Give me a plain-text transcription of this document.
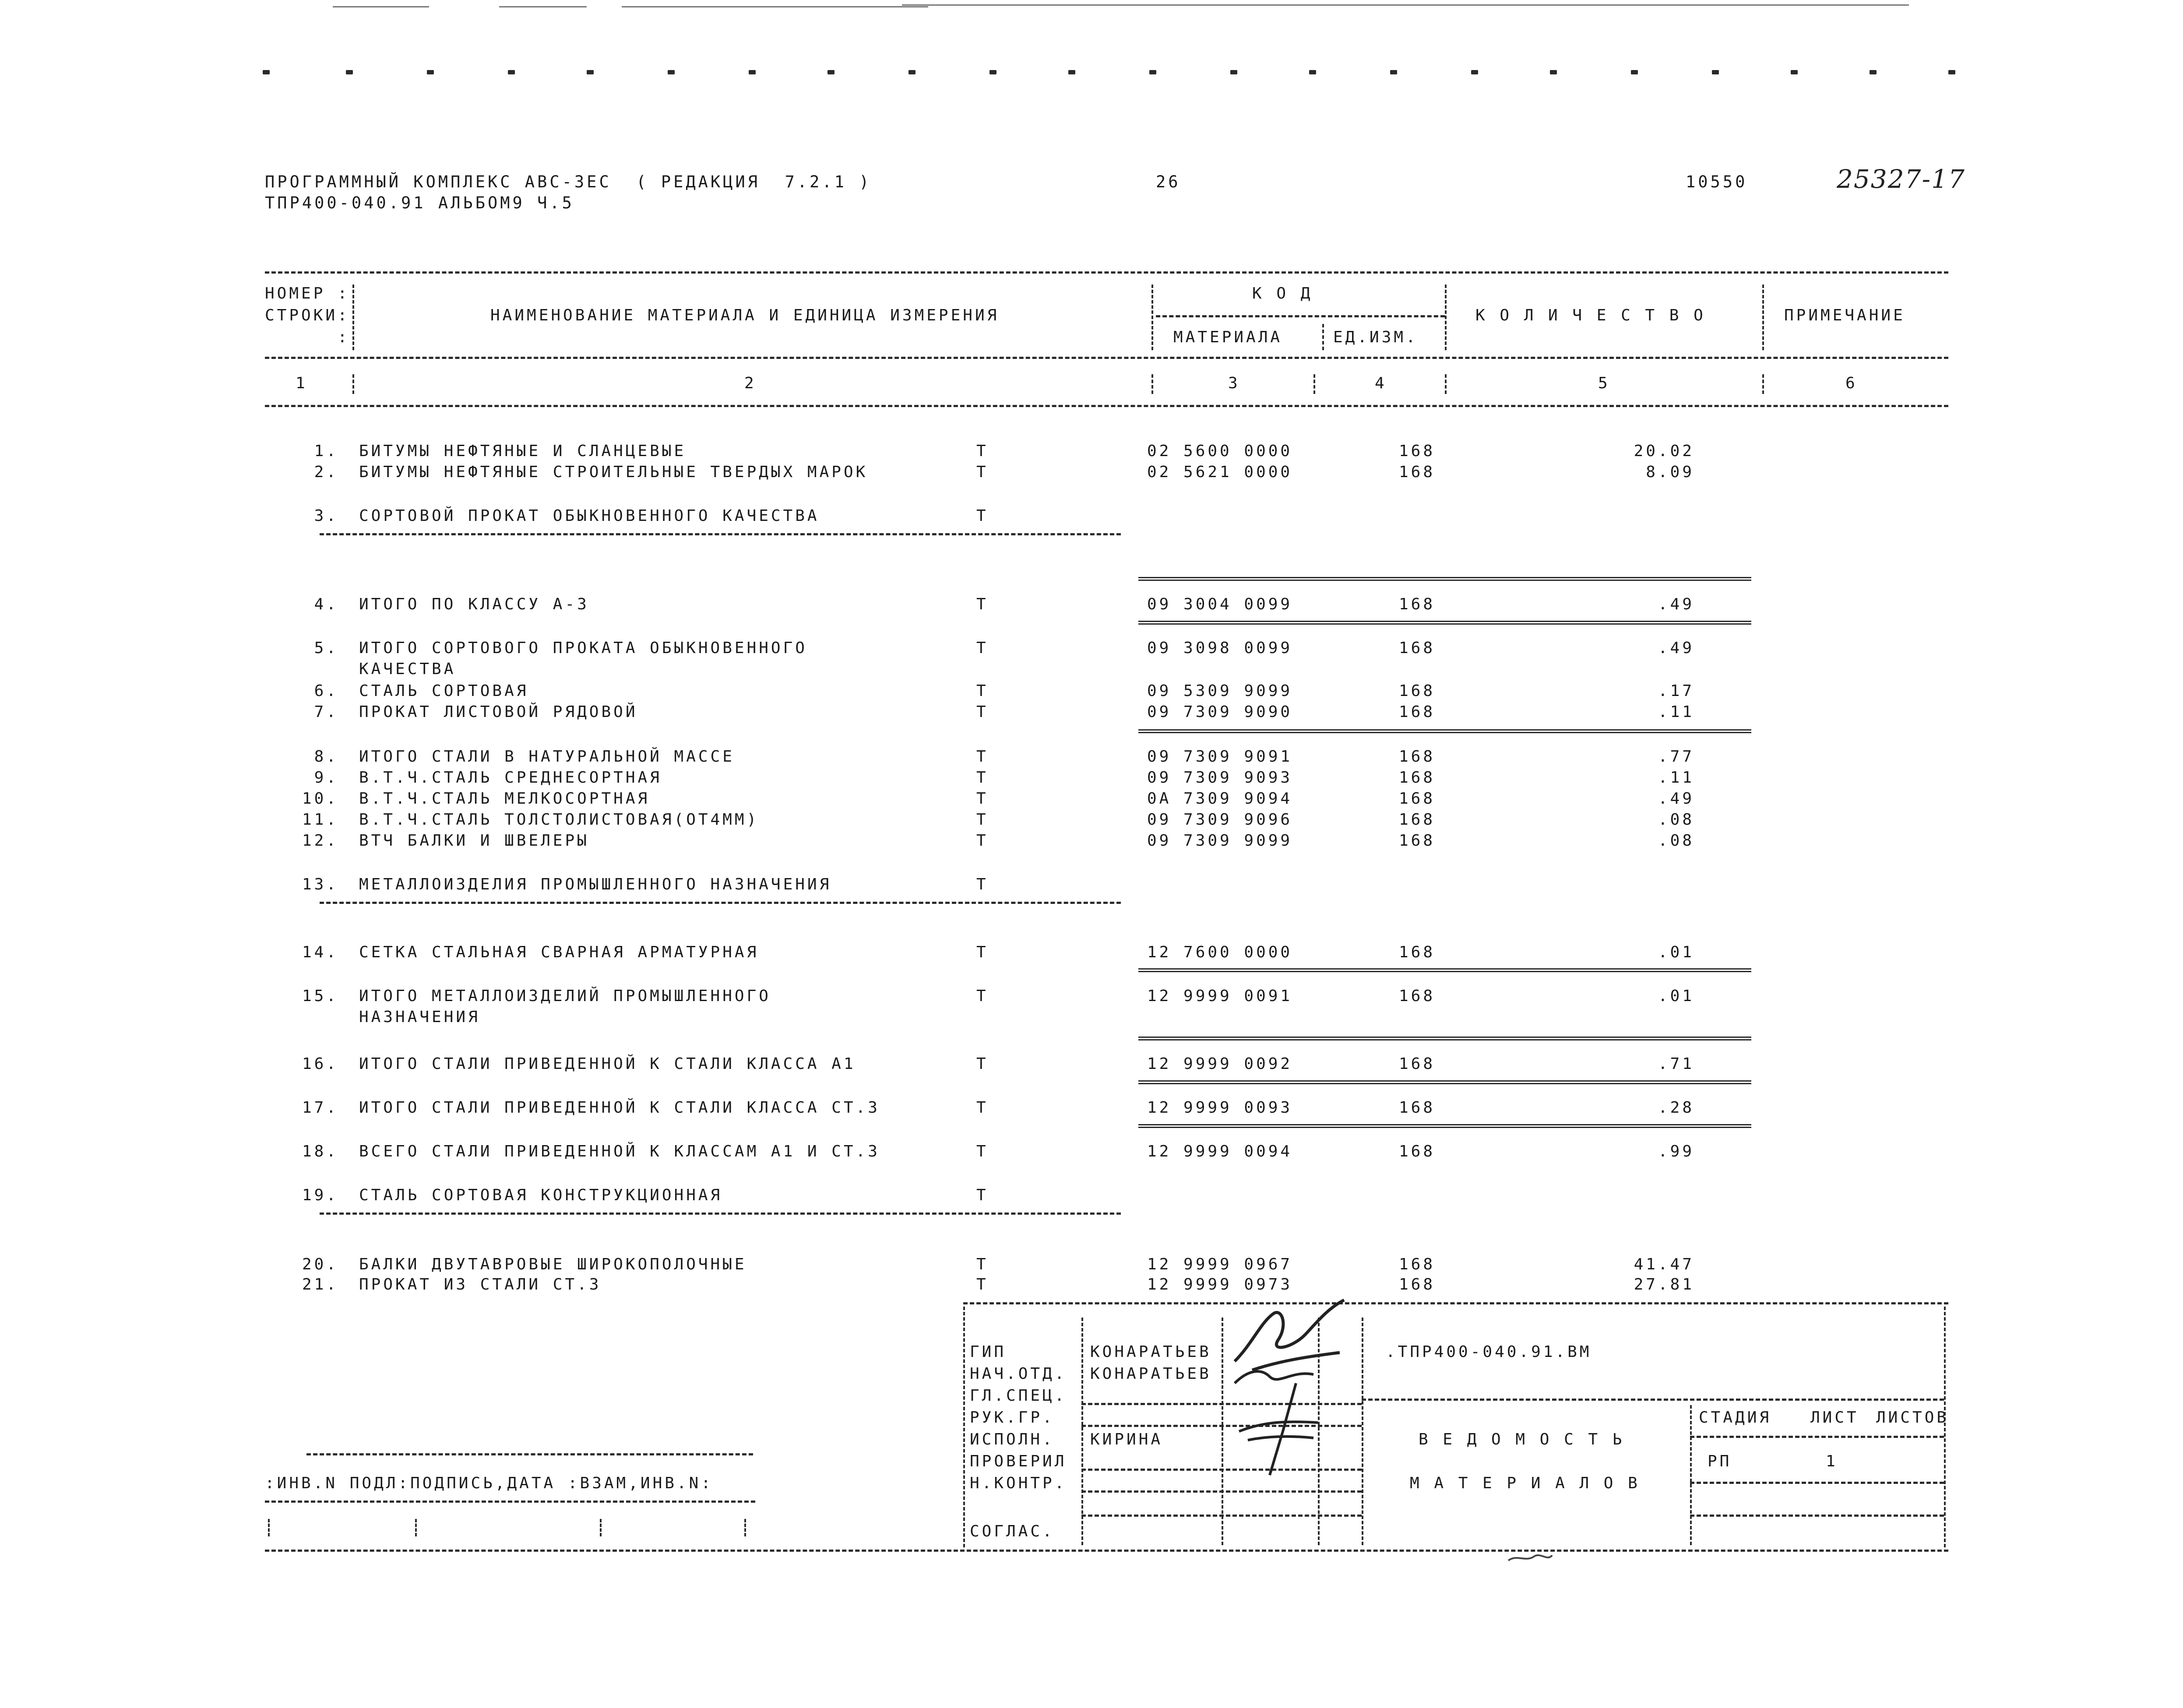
ПРОГРАММНЫЙ КОМПЛЕКС АВС-3ЕС  ( РЕДАКЦИЯ  7.2.1 )
ТПР400-040.91 АЛЬБОМ9 Ч.5
26	10550	25327-17
НОМЕР :
СТРОКИ:
:
НАИМЕНОВАНИЕ МАТЕРИАЛА И ЕДИНИЦА ИЗМЕРЕНИЯ
К О Д
МАТЕРИАЛА	ЕД.ИЗМ.
К О Л И Ч Е С Т В О	ПРИМЕЧАНИЕ
1	2	3	4	5	6
1. БИТУМЫ НЕФТЯНЫЕ И СЛАНЦЕВЫЕ	Т	02 5600 0000	168	20.02
2. БИТУМЫ НЕФТЯНЫЕ СТРОИТЕЛЬНЫЕ ТВЕРДЫХ МАРОК	Т	02 5621 0000	168	8.09
3. СОРТОВОЙ ПРОКАТ ОБЫКНОВЕННОГО КАЧЕСТВА	Т
4. ИТОГО ПО КЛАССУ А-3	Т	09 3004 0099	168	.49
5. ИТОГО СОРТОВОГО ПРОКАТА ОБЫКНОВЕННОГО
КАЧЕСТВА
Т	09 3098 0099	168	.49
6. СТАЛЬ СОРТОВАЯ	Т	09 5309 9099	168	.17
7. ПРОКАТ ЛИСТОВОЙ РЯДОВОЙ	Т	09 7309 9090	168	.11
8. ИТОГО СТАЛИ В НАТУРАЛЬНОЙ МАССЕ	Т	09 7309 9091	168	.77
9. В.Т.Ч.СТАЛЬ СРЕДНЕСОРТНАЯ	Т	09 7309 9093	168	.11
10. В.Т.Ч.СТАЛЬ МЕЛКОСОРТНАЯ	Т	0А 7309 9094	168	.49
11. В.Т.Ч.СТАЛЬ ТОЛСТОЛИСТОВАЯ(ОТ4ММ)	Т	09 7309 9096	168	.08
12. ВТЧ БАЛКИ И ШВЕЛЕРЫ	Т	09 7309 9099	168	.08
13. МЕТАЛЛОИЗДЕЛИЯ ПРОМЫШЛЕННОГО НАЗНАЧЕНИЯ	Т
14. СЕТКА СТАЛЬНАЯ СВАРНАЯ АРМАТУРНАЯ	Т	12 7600 0000	168	.01
15. ИТОГО МЕТАЛЛОИЗДЕЛИЙ ПРОМЫШЛЕННОГО
НАЗНАЧЕНИЯ
Т	12 9999 0091	168	.01
16. ИТОГО СТАЛИ ПРИВЕДЕННОЙ К СТАЛИ КЛАССА А1	Т	12 9999 0092	168	.71
17. ИТОГО СТАЛИ ПРИВЕДЕННОЙ К СТАЛИ КЛАССА СТ.3	Т	12 9999 0093	168	.28
18. ВСЕГО СТАЛИ ПРИВЕДЕННОЙ К КЛАССАМ А1 И СТ.3	Т	12 9999 0094	168	.99
19. СТАЛЬ СОРТОВАЯ КОНСТРУКЦИОННАЯ	Т
20. БАЛКИ ДВУТАВРОВЫЕ ШИРОКОПОЛОЧНЫЕ	Т	12 9999 0967	168	41.47
21. ПРОКАТ ИЗ СТАЛИ СТ.3	Т	12 9999 0973	168	27.81
ГИП	КОНАРАТЬЕВ
НАЧ.ОТД. КОНАРАТЬЕВ
ГЛ.СПЕЦ.
РУК.ГР.
ИСПОЛН. КИРИНА
ПРОВЕРИЛ
Н.КОНТР.
СОГЛАС.
.ТПР400-040.91.ВМ
В Е Д О М О С Т Ь
М А Т Е Р И А Л О В
СТАДИЯ ЛИСТ ЛИСТОВ
РП	1
:ИНВ.N ПОДЛ:ПОДПИСЬ,ДАТА :ВЗАМ,ИНВ.N:
